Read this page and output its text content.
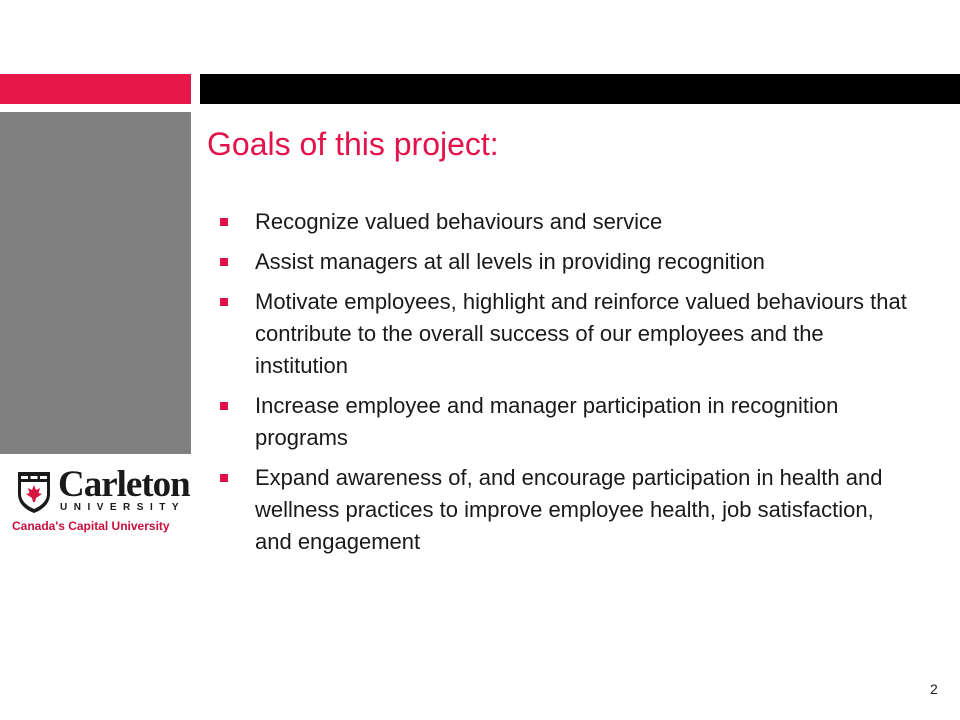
Goals of this project:
Recognize valued behaviours and service
Assist managers at all levels in providing recognition
Motivate employees, highlight and reinforce valued behaviours that contribute to the overall success of our employees and the institution
Increase employee and manager participation in recognition programs
Expand awareness of, and encourage participation in health and wellness practices to improve employee health, job satisfaction, and engagement
Carleton
UNIVERSITY
Canada's Capital University
2
